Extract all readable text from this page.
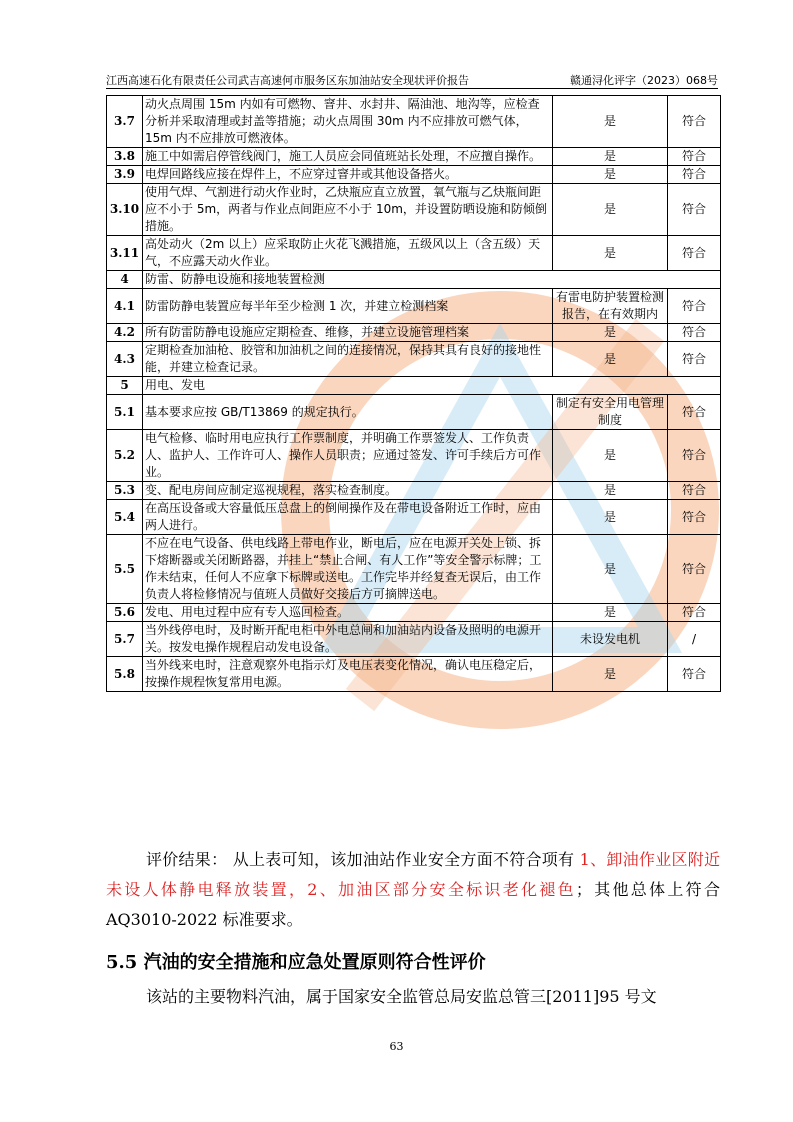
江西高速石化有限责任公司武吉高速何市服务区东加油站安全现状评价报告	赣通浔化评字（2023）068号
3.7	动火点周围 15m 内如有可燃物、窨井、水封井、隔油池、地沟等，应检查分析并采取清理或封盖等措施；动火点周围 30m 内不应排放可燃气体，15m 内不应排放可燃液体。	是	符合
3.8	施工中如需启停管线阀门，施工人员应会同值班站长处理，不应擅自操作。	是	符合
3.9	电焊回路线应接在焊件上，不应穿过窨井或其他设备搭火。	是	符合
3.10	使用气焊、气割进行动火作业时，乙炔瓶应直立放置，氧气瓶与乙炔瓶间距应不小于 5m，两者与作业点间距应不小于 10m，并设置防晒设施和防倾倒措施。	是	符合
3.11	高处动火（2m 以上）应采取防止火花飞溅措施，五级风以上（含五级）天气，不应露天动火作业。	是	符合
4	防雷、防静电设施和接地装置检测		
4.1	防雷防静电装置应每半年至少检测 1 次，并建立检测档案	有雷电防护装置检测报告，在有效期内	符合
4.2	所有防雷防静电设施应定期检查、维修，并建立设施管理档案	是	符合
4.3	定期检查加油枪、胶管和加油机之间的连接情况，保持其具有良好的接地性能，并建立检查记录。	是	符合
5	用电、发电		
5.1	基本要求应按 GB/T13869 的规定执行。	制定有安全用电管理制度	符合
5.2	电气检修、临时用电应执行工作票制度，并明确工作票签发人、工作负责人、监护人、工作许可人、操作人员职责；应通过签发、许可手续后方可作业。	是	符合
5.3	变、配电房间应制定巡视规程，落实检查制度。	是	符合
5.4	在高压设备或大容量低压总盘上的倒闸操作及在带电设备附近工作时，应由两人进行。	是	符合
5.5	不应在电气设备、供电线路上带电作业，断电后，应在电源开关处上锁、拆下熔断器或关闭断路器，并挂上“禁止合闸、有人工作”等安全警示标牌；工作未结束，任何人不应拿下标牌或送电。工作完毕并经复查无误后，由工作负责人将检修情况与值班人员做好交接后方可摘牌送电。	是	符合
5.6	发电、用电过程中应有专人巡回检查。	是	符合
5.7	当外线停电时，及时断开配电柜中外电总闸和加油站内设备及照明的电源开关。按发电操作规程启动发电设备。	未设发电机	/
5.8	当外线来电时，注意观察外电指示灯及电压表变化情况，确认电压稳定后，按操作规程恢复常用电源。	是	符合
评价结果： 从上表可知，该加油站作业安全方面不符合项有 1、卸油作业区附近未设人体静电释放装置，2、加油区部分安全标识老化褪色；其他总体上符合 AQ3010-2022 标准要求。
5.5 汽油的安全措施和应急处置原则符合性评价
该站的主要物料汽油，属于国家安全监管总局安监总管三[2011]95 号文
63
